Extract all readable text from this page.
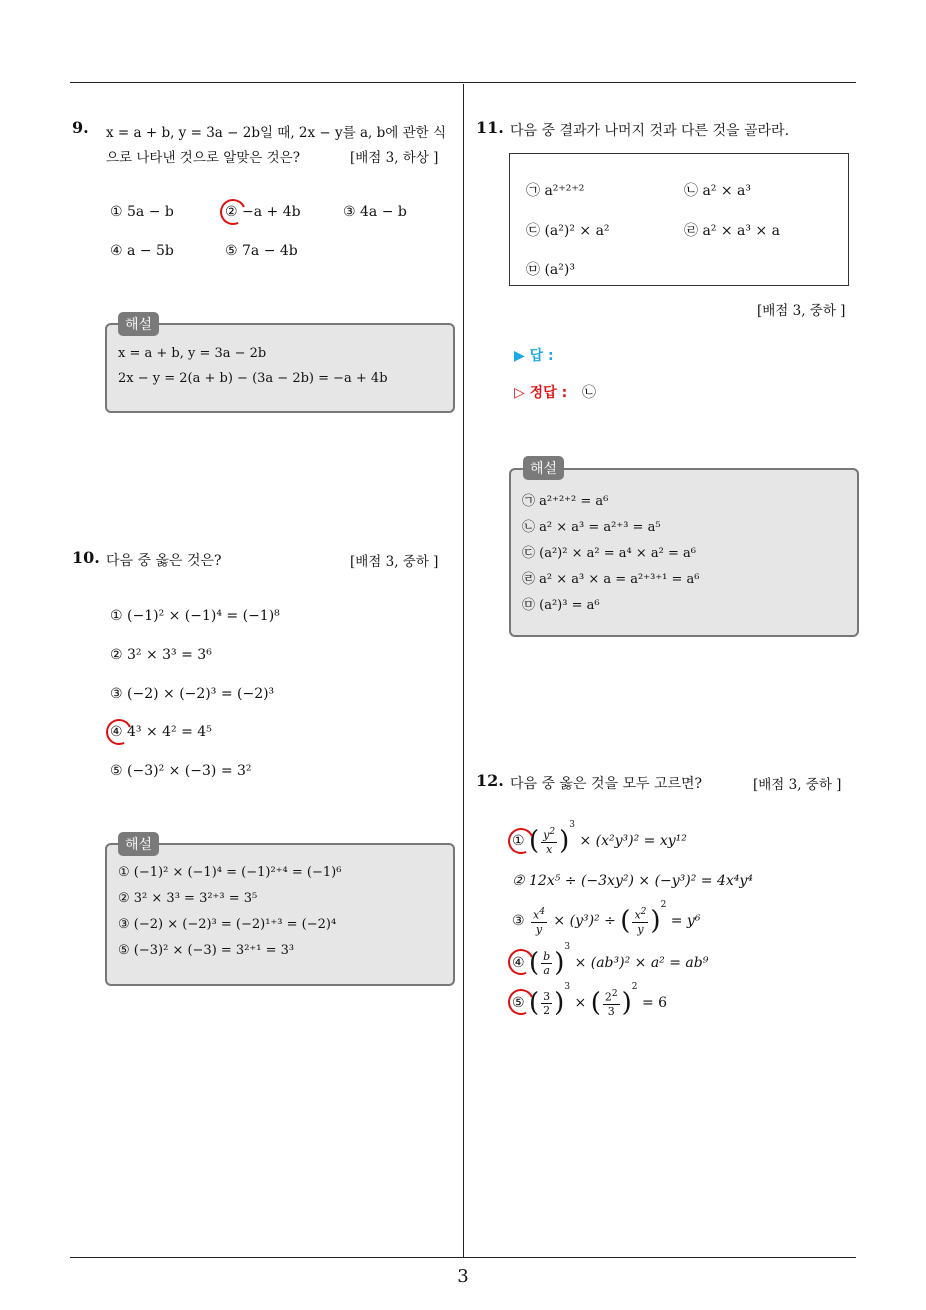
3
9. x = a + b, y = 3a − 2b일 때, 2x − y를 a, b에 관한 식
으로 나타낸 것으로 알맞은 것은?	[배점 3, 하상 ]
① 5a − b	② −a + 4b	③ 4a − b
④ a − 5b	⑤ 7a − 4b
해설
x = a + b, y = 3a − 2b
2x − y = 2(a + b) − (3a − 2b) = −a + 4b
10. 다음 중 옳은 것은?	[배점 3, 중하 ]
① (−1)² × (−1)⁴ = (−1)⁸
② 3² × 3³ = 3⁶
③ (−2) × (−2)³ = (−2)³
④ 4³ × 4² = 4⁵
⑤ (−3)² × (−3) = 3²
해설
① (−1)² × (−1)⁴ = (−1)²⁺⁴ = (−1)⁶
② 3² × 3³ = 3²⁺³ = 3⁵
③ (−2) × (−2)³ = (−2)¹⁺³ = (−2)⁴
⑤ (−3)² × (−3) = 3²⁺¹ = 3³
11. 다음 중 결과가 나머지 것과 다른 것을 골라라.
㉠ a²⁺²⁺²	㉡ a² × a³
㉢ (a²)² × a²	㉣ a² × a³ × a
㉤ (a²)³
[배점 3, 중하 ]
▶ 답 :
▷ 정답 : ㉡
해설
㉠ a²⁺²⁺² = a⁶
㉡ a² × a³ = a²⁺³ = a⁵
㉢ (a²)² × a² = a⁴ × a² = a⁶
㉣ a² × a³ × a = a²⁺³⁺¹ = a⁶
㉤ (a²)³ = a⁶
12. 다음 중 옳은 것을 모두 고르면?	[배점 3, 중하 ]
① ( $\frac{y^2}{x} )^3 \times (x^2y^3)^2 = xy^{12}$
② 12x⁵ ÷ (−3xy²) × (−y³)² = 4x⁴y⁴
③ $\frac{x^4}{y} \times (y^3)^2$ ÷ ( $\frac{x^2}{y} )^2 = y^6$
④ ( $\frac{b}{a} )^3 \times (ab^3)^2 \times a^2 = ab^9$
⑤ ( $\frac{3}{2} )^3$ × ( $\frac{2^2}{3} )^2 = 6$
